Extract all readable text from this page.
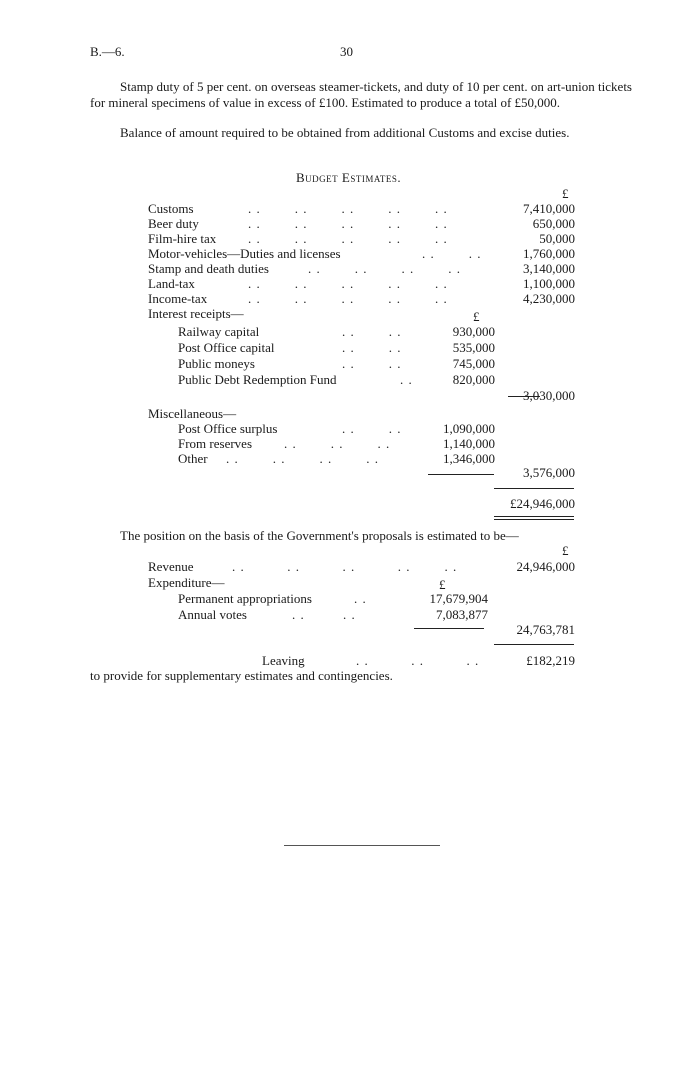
B.—6.	30
Stamp duty of 5 per cent. on overseas steamer-tickets, and duty of 10 per cent. on art-union tickets for mineral specimens of value in excess of £100. Estimated to produce a total of £50,000.
Balance of amount required to be obtained from additional Customs and excise duties.
Budget Estimates.
£
Customs	. .        . .        . .        . .        . .	7,410,000
Beer duty	. .        . .        . .        . .        . .	650,000
Film-hire tax . .        . .        . .        . .        . .	50,000
Motor-vehicles—Duties and licenses	. .        . .	1,760,000
Stamp and death duties	. .        . .        . .        . .	3,140,000
Land-tax	. .        . .        . .        . .        . .	1,100,000
Income-tax	. .        . .        . .        . .        . .	4,230,000
Interest receipts—	£
Railway capital	. .        . .	930,000
Post Office capital	. .        . .	535,000
Public moneys	. .        . .	745,000
Public Debt Redemption Fund	. .	820,000
3,030,000
Miscellaneous—
Post Office surplus	. .        . .	1,090,000
From reserves . .        . .        . .	1,140,000
Other . .        . .        . .        . .	1,346,000
3,576,000
£24,946,000
The position on the basis of the Government's proposals is estimated to be—
£
Revenue	. .          . .          . .          . .        . .	24,946,000
Expenditure—	£
Permanent appropriations	. .	17,679,904
Annual votes	. .         . .	7,083,877
24,763,781
Leaving	. .          . .          . .	£182,219
to provide for supplementary estimates and contingencies.
